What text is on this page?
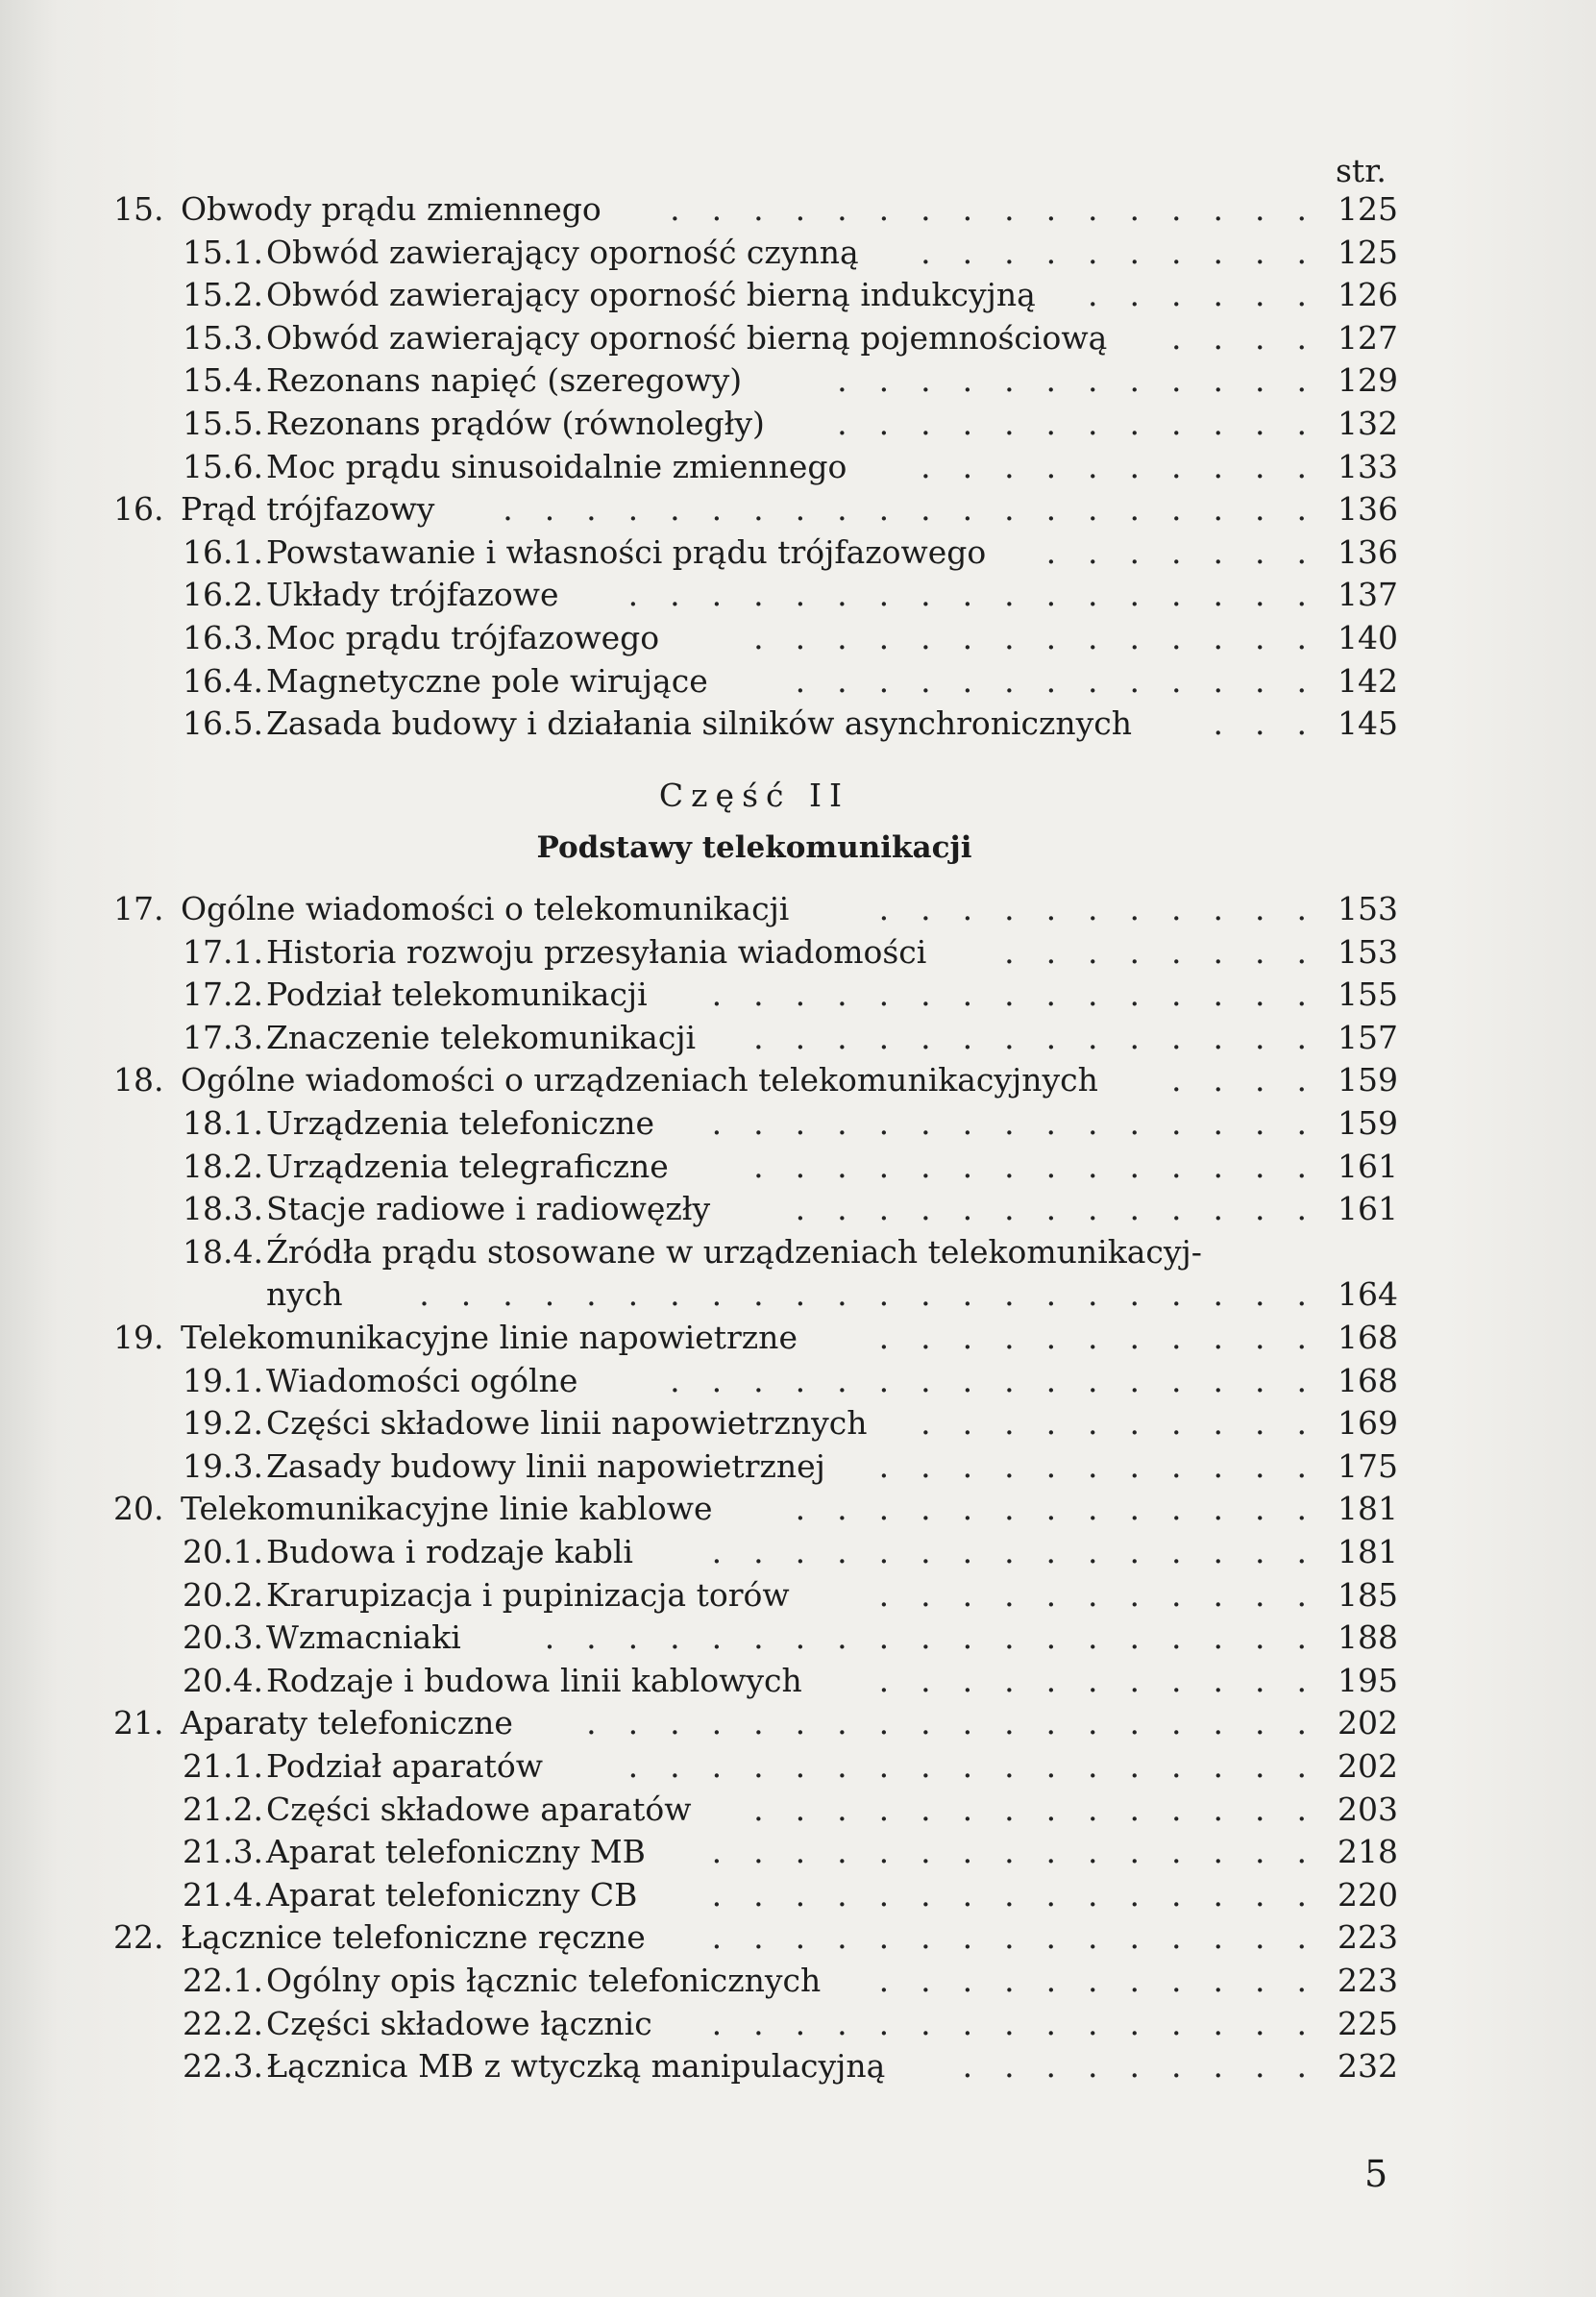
str.
15. Obwody prądu zmiennego	. . . . . . . . . . . . . . . .  125
15.1. Obwód zawierający oporność czynną . . . . . . . . . .  125
15.2. Obwód zawierający oporność bierną indukcyjną . . . . . .  126
15.3. Obwód zawierający oporność bierną pojemnościową	. . . .  127
15.4. Rezonans napięć (szeregowy)	. . . . . . . . . . . .  129
15.5. Rezonans prądów (równoległy)	. . . . . . . . . . . .  132
15.6. Moc prądu sinusoidalnie zmiennego	. . . . . . . . . .  133
16. Prąd trójfazowy	. . . . . . . . . . . . . . . . . . . .  136
16.1. Powstawanie i własności prądu trójfazowego . . . . . . .  136
16.2. Układy trójfazowe	. . . . . . . . . . . . . . . . .  137
16.3. Moc prądu trójfazowego	. . . . . . . . . . . . . .  140
16.4. Magnetyczne pole wirujące	. . . . . . . . . . . . .  142
16.5. Zasada budowy i działania silników asynchronicznych	. . .  145
Część II
Podstawy telekomunikacji
17. Ogólne wiadomości o telekomunikacji	. . . . . . . . . . .  153
17.1. Historia rozwoju przesyłania wiadomości	. . . . . . . .  153
17.2. Podział telekomunikacji	. . . . . . . . . . . . . . .  155
17.3. Znaczenie telekomunikacji . . . . . . . . . . . . . .  157
18. Ogólne wiadomości o urządzeniach telekomunikacyjnych	. . . .  159
18.1. Urządzenia telefoniczne . . . . . . . . . . . . . . .  159
18.2. Urządzenia telegraficzne	. . . . . . . . . . . . . .  161
18.3. Stacje radiowe i radiowęzły	. . . . . . . . . . . . .  161
18.4. Źródła prądu stosowane w urządzeniach telekomunikacyj-
nych	. . . . . . . . . . . . . . . . . . . . . .  164
19. Telekomunikacyjne linie napowietrzne	. . . . . . . . . . .  168
19.1. Wiadomości ogólne	. . . . . . . . . . . . . . . .  168
19.2. Części składowe linii napowietrznych . . . . . . . . . .  169
19.3. Zasady budowy linii napowietrznej . . . . . . . . . . .  175
20. Telekomunikacyjne linie kablowe	. . . . . . . . . . . . .  181
20.1. Budowa i rodzaje kabli	. . . . . . . . . . . . . . .  181
20.2. Krarupizacja i pupinizacja torów	. . . . . . . . . . .  185
20.3. Wzmacniaki	. . . . . . . . . . . . . . . . . . .  188
20.4. Rodzaje i budowa linii kablowych	. . . . . . . . . . .  195
21. Aparaty telefoniczne	. . . . . . . . . . . . . . . . . .  202
21.1. Podział aparatów	. . . . . . . . . . . . . . . . .  202
21.2. Części składowe aparatów . . . . . . . . . . . . . .  203
21.3. Aparat telefoniczny MB	. . . . . . . . . . . . . . .  218
21.4. Aparat telefoniczny CB	. . . . . . . . . . . . . . .  220
22. Łącznice telefoniczne ręczne	. . . . . . . . . . . . . . .  223
22.1. Ogólny opis łącznic telefonicznych . . . . . . . . . . .  223
22.2. Części składowe łącznic . . . . . . . . . . . . . . .  225
22.3. Łącznica MB z wtyczką manipulacyjną	. . . . . . . . .  232
5
